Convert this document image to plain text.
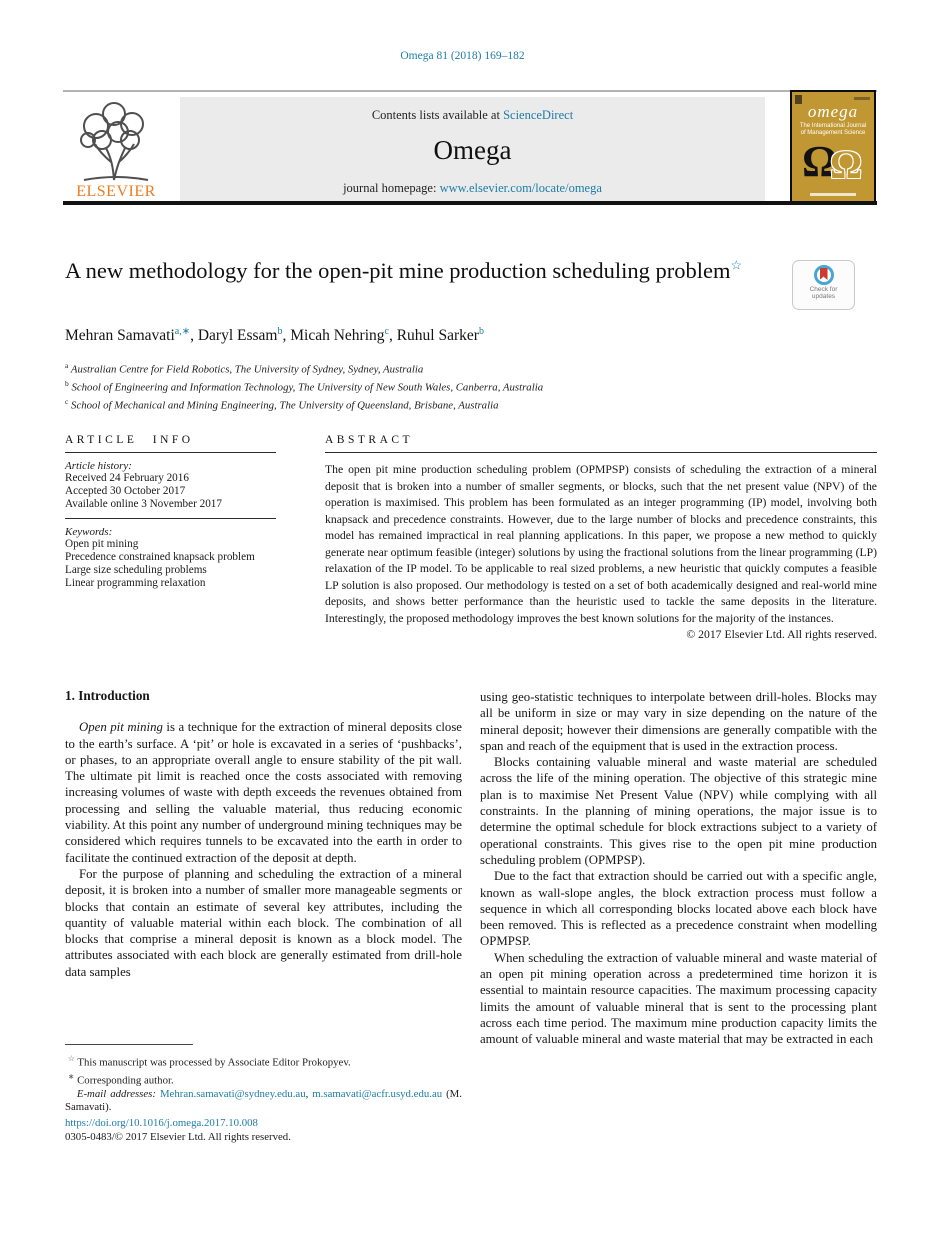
Omega 81 (2018) 169–182
ELSEVIER
Contents lists available at ScienceDirect
Omega
journal homepage: www.elsevier.com/locate/omega
omega
The International Journal
of Management Science
Ω
Ω
A new methodology for the open-pit mine production scheduling problem☆
Check for
updates
Mehran Samavati$^{a,∗}$, Daryl Essam$^b$, Micah Nehring$^c$, Ruhul Sarker$^b$
$^a$ Australian Centre for Field Robotics, The University of Sydney, Sydney, Australia
$^b$ School of Engineering and Information Technology, The University of New South Wales, Canberra, Australia
$^c$ School of Mechanical and Mining Engineering, The University of Queensland, Brisbane, Australia
ARTICLE INFO
Article history:
Received 24 February 2016
Accepted 30 October 2017
Available online 3 November 2017
Keywords:
Open pit mining
Precedence constrained knapsack problem
Large size scheduling problems
Linear programming relaxation
ABSTRACT

The open pit mine production scheduling problem (OPMPSP) consists of scheduling the extraction of a mineral deposit that is broken into a number of smaller segments, or blocks, such that the net present value (NPV) of the operation is maximised. This problem has been formulated as an integer programming (IP) model, involving both knapsack and precedence constraints. However, due to the large number of blocks and precedence constraints, this model has remained impractical in real planning applications. In this paper, we propose a new method to quickly generate near optimum feasible (integer) solutions by using the fractional solutions from the linear programming (LP) relaxation of the IP model. To be applicable to real sized problems, a new heuristic that quickly computes a feasible LP solution is also proposed. Our methodology is tested on a set of both academically designed and real-world mine deposits, and shows better performance than the heuristic used to tackle the same deposits in the literature. Interestingly, the proposed methodology improves the best known solutions for the majority of the instances.

© 2017 Elsevier Ltd. All rights reserved.
1. Introduction

Open pit mining is a technique for the extraction of mineral deposits close to the earth’s surface. A ‘pit’ or hole is excavated in a series of ‘pushbacks’, or phases, to an appropriate overall angle to ensure stability of the pit wall. The ultimate pit limit is reached once the costs associated with removing increasing volumes of waste with depth exceeds the revenues obtained from processing and selling the valuable material, thus reducing economic viability. At this point any number of underground mining techniques may be considered which requires tunnels to be excavated into the earth in order to facilitate the continued extraction of the deposit at depth.

For the purpose of planning and scheduling the extraction of a mineral deposit, it is broken into a number of smaller more manageable segments or blocks that contain an estimate of several key attributes, including the quantity of valuable material within each block. The combination of all blocks that comprise a mineral deposit is known as a block model. The attributes associated with each block are generally estimated from drill-hole data samples

using geo-statistic techniques to interpolate between drill-holes. Blocks may all be uniform in size or may vary in size depending on the nature of the mineral deposit; however their dimensions are generally compatible with the span and reach of the equipment that is used in the extraction process.

Blocks containing valuable mineral and waste material are scheduled across the life of the mining operation. The objective of this strategic mine plan is to maximise Net Present Value (NPV) while complying with all constraints. In the planning of mining operations, the major issue is to determine the optimal schedule for block extractions subject to a variety of operational constraints. This gives rise to the open pit mine production scheduling problem (OPMPSP).

Due to the fact that extraction should be carried out with a specific angle, known as wall-slope angles, the block extraction process must follow a sequence in which all corresponding blocks located above each block have been removed. This is reflected as a precedence constraint when modelling OPMPSP.

When scheduling the extraction of valuable mineral and waste material of an open pit mining operation across a predetermined time horizon it is essential to maintain resource capacities. The maximum processing capacity limits the amount of valuable mineral that is sent to the processing plant across each time period. The maximum mine production capacity limits the amount of valuable mineral and waste material that may be extracted in each

☆ This manuscript was processed by Associate Editor Prokopyev.
∗ Corresponding author.
E-mail addresses: Mehran.samavati@sydney.edu.au, m.samavati@acfr.usyd.edu.au (M. Samavati).
https://doi.org/10.1016/j.omega.2017.10.008
0305-0483/© 2017 Elsevier Ltd. All rights reserved.
